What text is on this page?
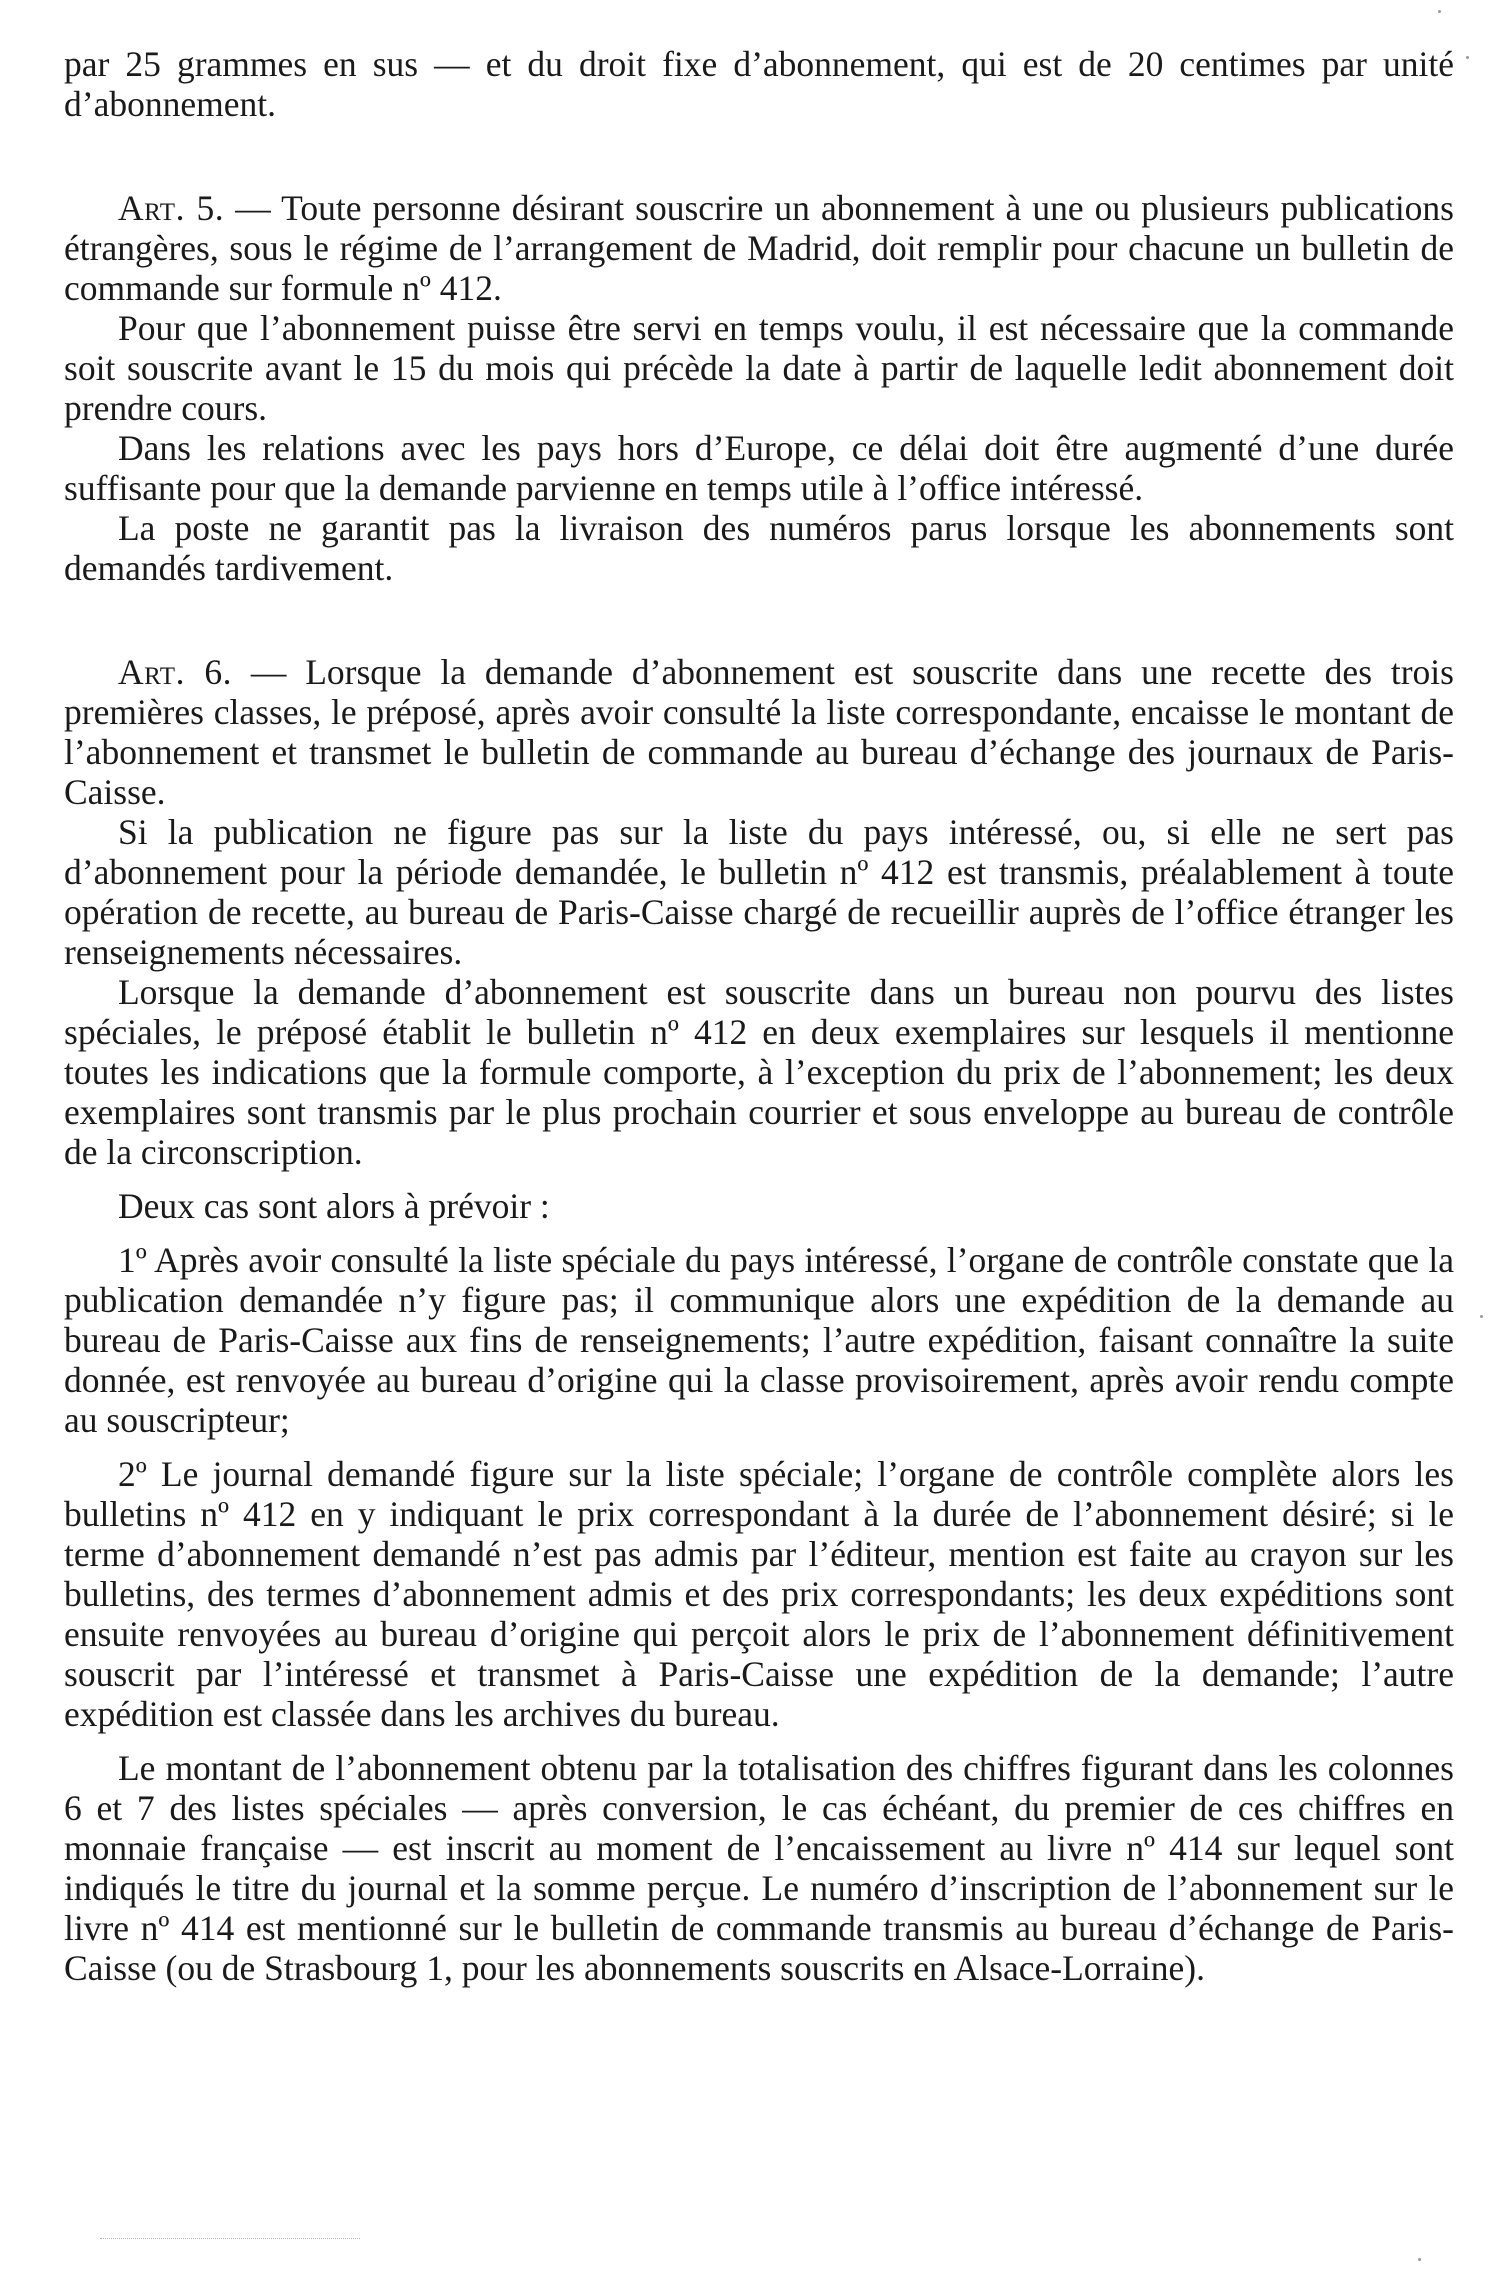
par 25 grammes en sus — et du droit fixe d’abonnement, qui est de 20 centimes par unité d’abonnement.

Art. 5. — Toute personne désirant souscrire un abonnement à une ou plusieurs publications étrangères, sous le régime de l’arrangement de Madrid, doit remplir pour chacune un bulletin de commande sur formule nº 412.

Pour que l’abonnement puisse être servi en temps voulu, il est nécessaire que la commande soit souscrite avant le 15 du mois qui précède la date à partir de laquelle ledit abonnement doit prendre cours.

Dans les relations avec les pays hors d’Europe, ce délai doit être augmenté d’une durée suffisante pour que la demande parvienne en temps utile à l’office intéressé.

La poste ne garantit pas la livraison des numéros parus lorsque les abonnements sont demandés tardivement.

Art. 6. — Lorsque la demande d’abonnement est souscrite dans une recette des trois premières classes, le préposé, après avoir consulté la liste correspondante, encaisse le montant de l’abonnement et transmet le bulletin de commande au bureau d’échange des journaux de Paris-Caisse.

Si la publication ne figure pas sur la liste du pays intéressé, ou, si elle ne sert pas d’abonnement pour la période demandée, le bulletin nº 412 est transmis, préalablement à toute opération de recette, au bureau de Paris-Caisse chargé de recueillir auprès de l’office étranger les renseignements nécessaires.

Lorsque la demande d’abonnement est souscrite dans un bureau non pourvu des listes spéciales, le préposé établit le bulletin nº 412 en deux exemplaires sur lesquels il mentionne toutes les indications que la formule comporte, à l’exception du prix de l’abonnement; les deux exemplaires sont transmis par le plus prochain courrier et sous enveloppe au bureau de contrôle de la circonscription.

Deux cas sont alors à prévoir :

1º Après avoir consulté la liste spéciale du pays intéressé, l’organe de contrôle constate que la publication demandée n’y figure pas; il communique alors une expédition de la demande au bureau de Paris-Caisse aux fins de renseignements; l’autre expédition, faisant connaître la suite donnée, est renvoyée au bureau d’origine qui la classe provisoirement, après avoir rendu compte au souscripteur;

2º Le journal demandé figure sur la liste spéciale; l’organe de contrôle complète alors les bulletins nº 412 en y indiquant le prix correspondant à la durée de l’abonnement désiré; si le terme d’abonnement demandé n’est pas admis par l’éditeur, mention est faite au crayon sur les bulletins, des termes d’abonnement admis et des prix correspondants; les deux expéditions sont ensuite renvoyées au bureau d’origine qui perçoit alors le prix de l’abonnement définitivement souscrit par l’intéressé et transmet à Paris-Caisse une expédition de la demande; l’autre expédition est classée dans les archives du bureau.

Le montant de l’abonnement obtenu par la totalisation des chiffres figurant dans les colonnes 6 et 7 des listes spéciales — après conversion, le cas échéant, du premier de ces chiffres en monnaie française — est inscrit au moment de l’encaissement au livre nº 414 sur lequel sont indiqués le titre du journal et la somme perçue. Le numéro d’inscription de l’abonnement sur le livre nº 414 est mentionné sur le bulletin de commande transmis au bureau d’échange de Paris-Caisse (ou de Strasbourg 1, pour les abonnements souscrits en Alsace-Lorraine).
